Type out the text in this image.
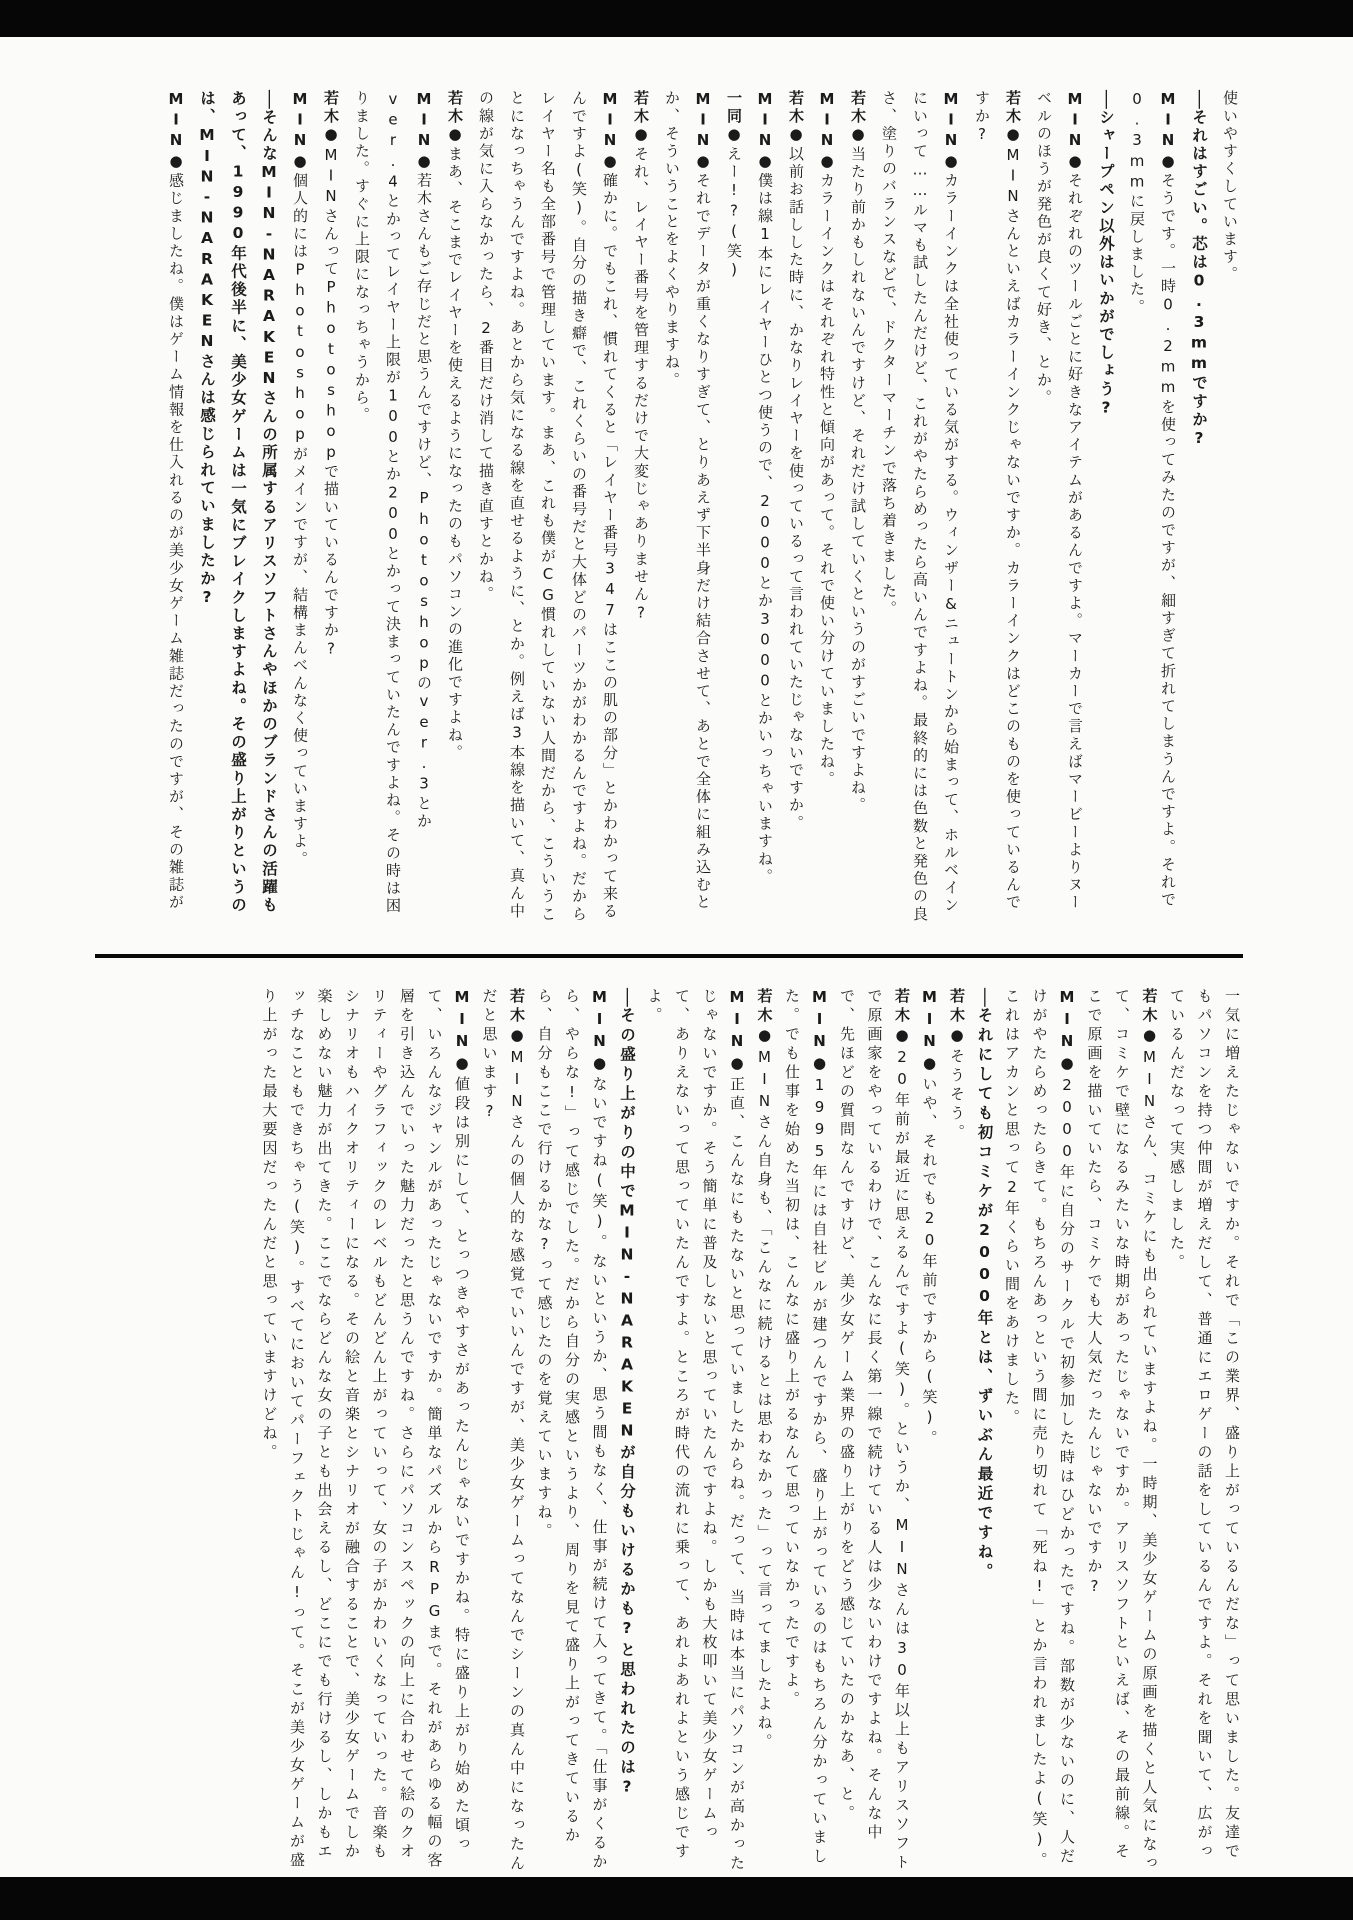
使いやすくしています。

──それはすごい。芯は0.3mmですか?

MIN●そうです。一時0.2mmを使ってみたのですが、細すぎて折れてしまうんですよ。それで0.3mmに戻しました。

──シャープペン以外はいかがでしょう?

MIN●それぞれのツールごとに好きなアイテムがあるんですよ。マーカーで言えばマービーよりヌーベルのほうが発色が良くて好き、とか。

若木●MINさんといえばカラーインクじゃないですか。カラーインクはどこのものを使っているんですか?

MIN●カラーインクは全社使っている気がする。ウィンザー&ニュートンから始まって、ホルベインにいって……ルマも試したんだけど、これがやたらめったら高いんですよね。最終的には色数と発色の良さ、塗りのバランスなどで、ドクターマーチンで落ち着きました。

若木●当たり前かもしれないんですけど、それだけ試していくというのがすごいですよね。

MIN●カラーインクはそれぞれ特性と傾向があって。それで使い分けていましたね。

若木●以前お話しした時に、かなりレイヤーを使っているって言われていたじゃないですか。

MIN●僕は線1本にレイヤーひとつ使うので、2000とか3000とかいっちゃいますね。

一同●えー!?(笑)

MIN●それでデータが重くなりすぎて、とりあえず下半身だけ結合させて、あとで全体に組み込むとか、そういうことをよくやりますね。

若木●それ、レイヤー番号を管理するだけで大変じゃありません?

MIN●確かに。でもこれ、慣れてくると「レイヤー番号347はここの肌の部分」とかわかって来るんですよ(笑)。自分の描き癖で、これくらいの番号だと大体どのパーツかがわかるんですよね。だからレイヤー名も全部番号で管理しています。まあ、これも僕がCG慣れしていない人間だから、こういうことになっちゃうんですよね。あとから気になる線を直せるように、とか。例えば3本線を描いて、真ん中の線が気に入らなかったら、2番目だけ消して描き直すとかね。

若木●まあ、そこまでレイヤーを使えるようになったのもパソコンの進化ですよね。

MIN●若木さんもご存じだと思うんですけど、Photoshopのver.3とかver.4とかってレイヤー上限が100とか200とかって決まっていたんですよね。その時は困りました。すぐに上限になっちゃうから。

若木●MINさんってPhotoshopで描いているんですか?

MIN●個人的にはPhotoshopがメインですが、結構まんべんなく使っていますよ。

──そんなMIN-NARAKENさんの所属するアリスソフトさんやほかのブランドさんの活躍もあって、1990年代後半に、美少女ゲームは一気にブレイクしますよね。その盛り上がりというのは、MIN-NARAKENさんは感じられていましたか?

MIN●感じましたね。僕はゲーム情報を仕入れるのが美少女ゲーム雑誌だったのですが、その雑誌が

一気に増えたじゃないですか。それで「この業界、盛り上がっているんだな」って思いました。友達でもパソコンを持つ仲間が増えだして、普通にエロゲーの話をしているんですよ。それを聞いて、広がっているんだなって実感しました。

若木●MINさん、コミケにも出られていますよね。一時期、美少女ゲームの原画を描くと人気になって、コミケで壁になるみたいな時期があったじゃないですか。アリスソフトといえば、その最前線。そこで原画を描いていたら、コミケでも大人気だったんじゃないですか?

MIN●2000年に自分のサークルで初参加した時はひどかったですね。部数が少ないのに、人だけがやたらめったらきて。もちろんあっという間に売り切れて「死ね!」とか言われましたよ(笑)。これはアカンと思って2年くらい間をあけました。

──それにしても初コミケが2000年とは、ずいぶん最近ですね。

若木●そうそう。

MIN●いや、それでも20年前ですから(笑)。

若木●20年前が最近に思えるんですよ(笑)。というか、MINさんは30年以上もアリスソフトで原画家をやっているわけで、こんなに長く第一線で続けている人は少ないわけですよね。そんな中で、先ほどの質問なんですけど、美少女ゲーム業界の盛り上がりをどう感じていたのかなあ、と。

MIN●1995年には自社ビルが建つんですから、盛り上がっているのはもちろん分かっていました。でも仕事を始めた当初は、こんなに盛り上がるなんて思っていなかったですよ。

若木●MINさん自身も、「こんなに続けるとは思わなかった」って言ってましたよね。

MIN●正直、こんなにもたないと思っていましたからね。だって、当時は本当にパソコンが高かったじゃないですか。そう簡単に普及しないと思っていたんですよね。しかも大枚叩いて美少女ゲームって、ありえないって思っていたんですよ。ところが時代の流れに乗って、あれよあれよという感じですよ。

──その盛り上がりの中でMIN-NARAKENが自分もいけるかも?と思われたのは?

MIN●ないですね(笑)。ないというか、思う間もなく、仕事が続けて入ってきて。「仕事がくるから、やらな!」って感じでした。だから自分の実感というより、周りを見て盛り上がってきているから、自分もここで行けるかな?って感じたのを覚えていますね。

若木●MINさんの個人的な感覚でいいんですが、美少女ゲームってなんでシーンの真ん中になったんだと思います?

MIN●値段は別にして、とっつきやすさがあったんじゃないですかね。特に盛り上がり始めた頃って、いろんなジャンルがあったじゃないですか。簡単なパズルからRPGまで。それがあらゆる幅の客層を引き込んでいった魅力だったと思うんですね。さらにパソコンスペックの向上に合わせて絵のクオリティーやグラフィックのレベルもどんどん上がっていって、女の子がかわいくなっていった。音楽もシナリオもハイクオリティーになる。その絵と音楽とシナリオが融合することで、美少女ゲームでしか楽しめない魅力が出てきた。ここでならどんな女の子とも出会えるし、どこにでも行けるし、しかもエッチなこともできちゃう(笑)。すべてにおいてパーフェクトじゃん!って。そこが美少女ゲームが盛り上がった最大要因だったんだと思っていますけどね。
